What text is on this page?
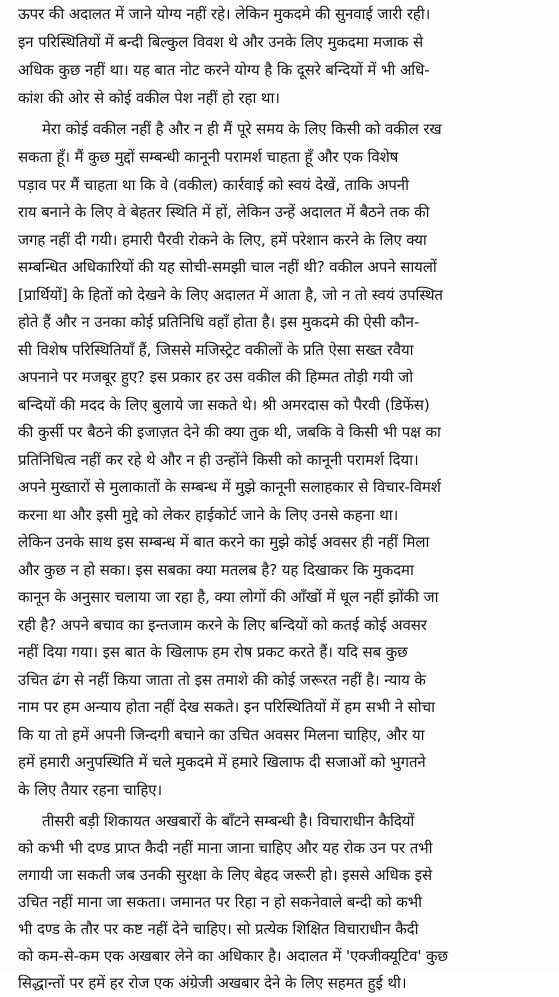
ऊपर की अदालत में जाने योग्य नहीं रहे। लेकिन मुकदमे की सुनवाई जारी रही।
इन परिस्थितियों में बन्दी बिल्कुल विवश थे और उनके लिए मुकदमा मजाक से
अधिक कुछ नहीं था। यह बात नोट करने योग्य है कि दूसरे बन्दियों में भी अधि-
कांश की ओर से कोई वकील पेश नहीं हो रहा था।
मेरा कोई वकील नहीं है और न ही मैं पूरे समय के लिए किसी को वकील रख
सकता हूँ। मैं कुछ मुद्दों सम्बन्धी कानूनी परामर्श चाहता हूँ और एक विशेष
पड़ाव पर मैं चाहता था कि वे (वकील) कार्रवाई को स्वयं देखें, ताकि अपनी
राय बनाने के लिए वे बेहतर स्थिति में हों, लेकिन उन्हें अदालत में बैठने तक की
जगह नहीं दी गयी। हमारी पैरवी रोकने के लिए, हमें परेशान करने के लिए क्या
सम्बन्धित अधिकारियों की यह सोची-समझी चाल नहीं थी? वकील अपने सायलों
[प्रार्थियों] के हितों को देखने के लिए अदालत में आता है, जो न तो स्वयं उपस्थित
होते हैं और न उनका कोई प्रतिनिधि वहाँ होता है। इस मुकदमे की ऐसी कौन-
सी विशेष परिस्थितियाँ हैं, जिससे मजिस्ट्रेट वकीलों के प्रति ऐसा सख्त रवैया
अपनाने पर मजबूर हुए? इस प्रकार हर उस वकील की हिम्मत तोड़ी गयी जो
बन्दियों की मदद के लिए बुलाये जा सकते थे। श्री अमरदास को पैरवी (डिफेंस)
की कुर्सी पर बैठने की इजाज़त देने की क्या तुक थी, जबकि वे किसी भी पक्ष का
प्रतिनिधित्व नहीं कर रहे थे और न ही उन्होंने किसी को कानूनी परामर्श दिया।
अपने मुख्तारों से मुलाकातों के सम्बन्ध में मुझे कानूनी सलाहकार से विचार-विमर्श
करना था और इसी मुद्दे को लेकर हाईकोर्ट जाने के लिए उनसे कहना था।
लेकिन उनके साथ इस सम्बन्ध में बात करने का मुझे कोई अवसर ही नहीं मिला
और कुछ न हो सका। इस सबका क्या मतलब है? यह दिखाकर कि मुकदमा
कानून के अनुसार चलाया जा रहा है, क्या लोगों की आँखों में धूल नहीं झोंकी जा
रही है? अपने बचाव का इन्तजाम करने के लिए बन्दियों को कतई कोई अवसर
नहीं दिया गया। इस बात के खिलाफ हम रोष प्रकट करते हैं। यदि सब कुछ
उचित ढंग से नहीं किया जाता तो इस तमाशे की कोई जरूरत नहीं है। न्याय के
नाम पर हम अन्याय होता नहीं देख सकते। इन परिस्थितियों में हम सभी ने सोचा
कि या तो हमें अपनी जिन्दगी बचाने का उचित अवसर मिलना चाहिए, और या
हमें हमारी अनुपस्थिति में चले मुकदमे में हमारे खिलाफ दी सजाओं को भुगतने
के लिए तैयार रहना चाहिए।
तीसरी बड़ी शिकायत अखबारों के बाँटने सम्बन्धी है। विचाराधीन कैदियों
को कभी भी दण्ड प्राप्त कैदी नहीं माना जाना चाहिए और यह रोक उन पर तभी
लगायी जा सकती जब उनकी सुरक्षा के लिए बेहद जरूरी हो। इससे अधिक इसे
उचित नहीं माना जा सकता। जमानत पर रिहा न हो सकनेवाले बन्दी को कभी
भी दण्ड के तौर पर कष्ट नहीं देने चाहिए। सो प्रत्येक शिक्षित विचाराधीन कैदी
को कम-से-कम एक अखबार लेने का अधिकार है। अदालत में 'एक्जीक्यूटिव' कुछ
सिद्धान्तों पर हमें हर रोज एक अंग्रेजी अखबार देने के लिए सहमत हुई थी।
